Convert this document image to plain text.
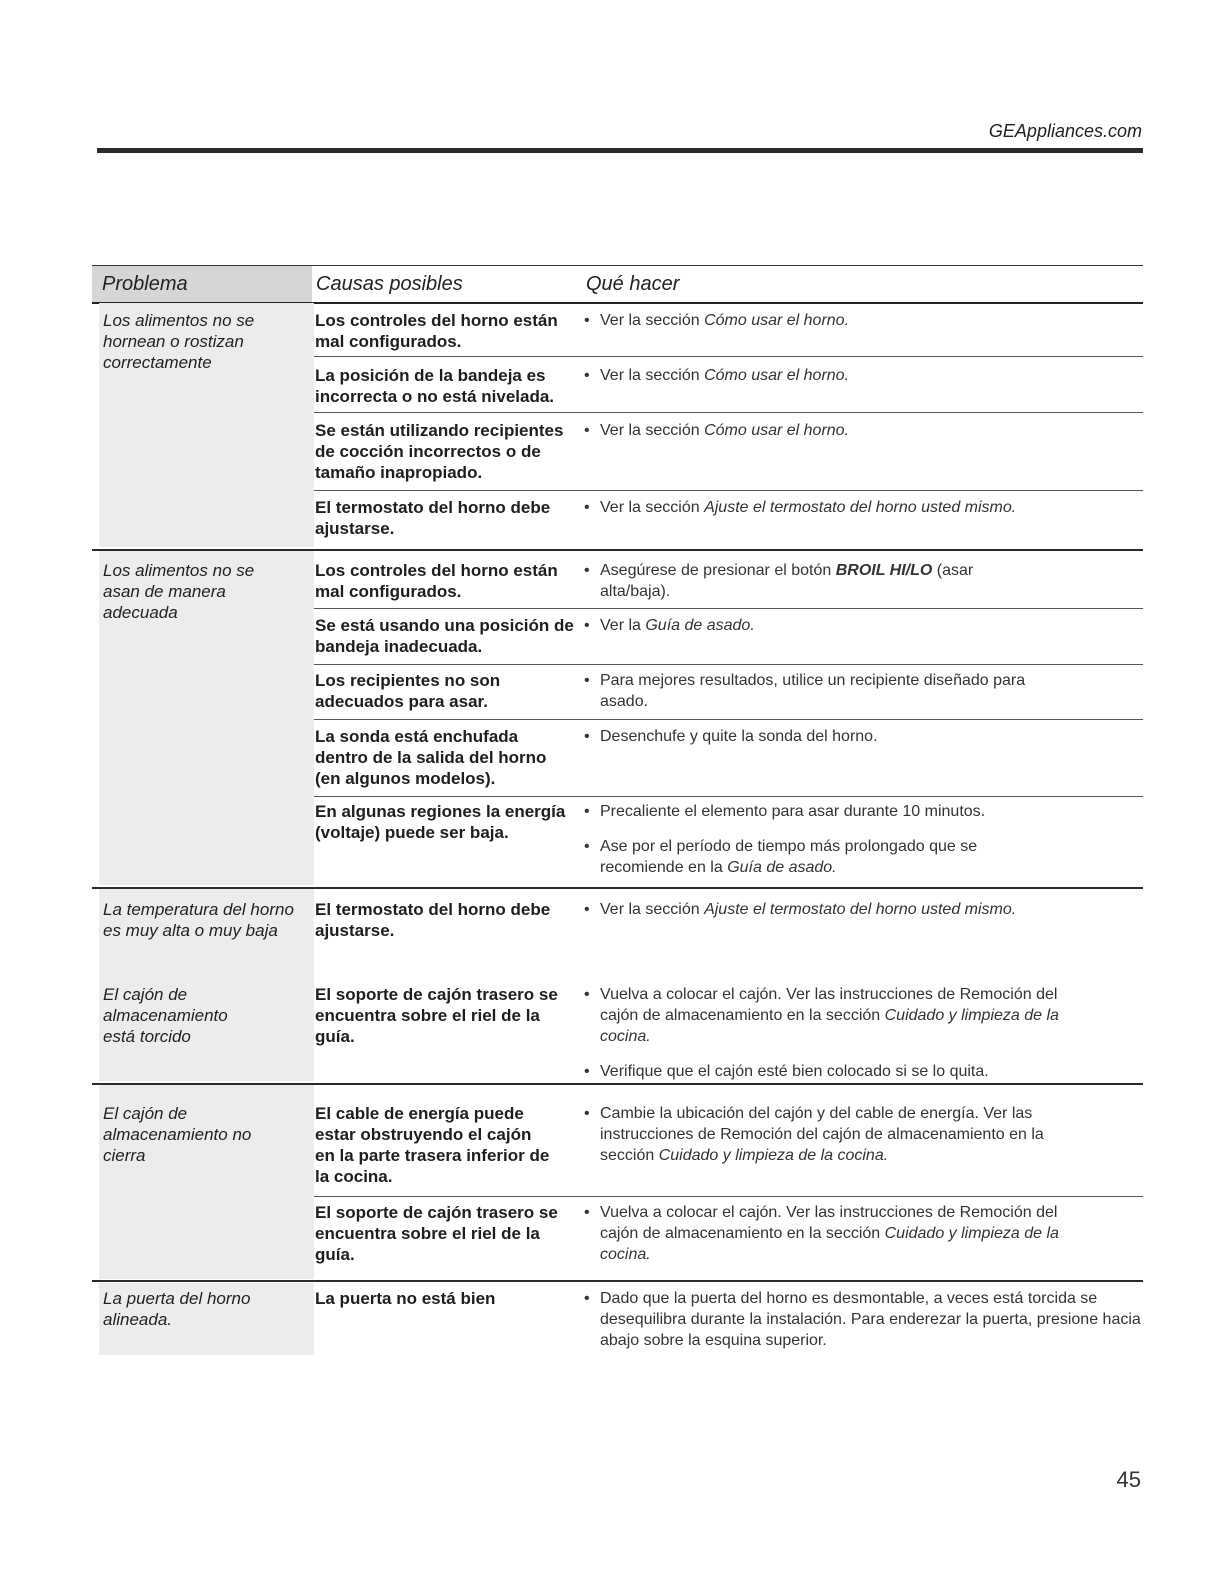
GEAppliances.com
Problema	Causas posibles	Qué hacer
Los alimentos no se hornean o rostizan correctamente
Los controles del horno están mal configurados.
• Ver la sección Cómo usar el horno.
La posición de la bandeja es incorrecta o no está nivelada.
• Ver la sección Cómo usar el horno.
Se están utilizando recipientes de cocción incorrectos o de tamaño inapropiado.
• Ver la sección Cómo usar el horno.
El termostato del horno debe ajustarse.
• Ver la sección Ajuste el termostato del horno usted mismo.
Los alimentos no se asan de manera adecuada
Los controles del horno están mal configurados.
• Asegúrese de presionar el botón BROIL HI/LO (asar alta/baja).
Se está usando una posición de bandeja inadecuada.
• Ver la Guía de asado.
Los recipientes no son adecuados para asar.
• Para mejores resultados, utilice un recipiente diseñado para asado.
La sonda está enchufada dentro de la salida del horno (en algunos modelos).
• Desenchufe y quite la sonda del horno.
En algunas regiones la energía (voltaje) puede ser baja.
• Precaliente el elemento para asar durante 10 minutos.
• Ase por el período de tiempo más prolongado que se recomiende en la Guía de asado.
La temperatura del horno es muy alta o muy baja
El termostato del horno debe ajustarse.
• Ver la sección Ajuste el termostato del horno usted mismo.
El cajón de almacenamiento está torcido
El soporte de cajón trasero se encuentra sobre el riel de la guía.
• Vuelva a colocar el cajón. Ver las instrucciones de Remoción del cajón de almacenamiento en la sección Cuidado y limpieza de la cocina.
• Verifique que el cajón esté bien colocado si se lo quita.
El cajón de almacenamiento no cierra
El cable de energía puede estar obstruyendo el cajón en la parte trasera inferior de la cocina.
• Cambie la ubicación del cajón y del cable de energía. Ver las instrucciones de Remoción del cajón de almacenamiento en la sección Cuidado y limpieza de la cocina.
El soporte de cajón trasero se encuentra sobre el riel de la guía.
• Vuelva a colocar el cajón. Ver las instrucciones de Remoción del cajón de almacenamiento en la sección Cuidado y limpieza de la cocina.
La puerta del horno alineada.
La puerta no está bien
•	Dado que la puerta del horno es desmontable, a veces está torcida se desequilibra durante la instalación. Para enderezar la puerta, presione hacia abajo sobre la esquina superior.
45
